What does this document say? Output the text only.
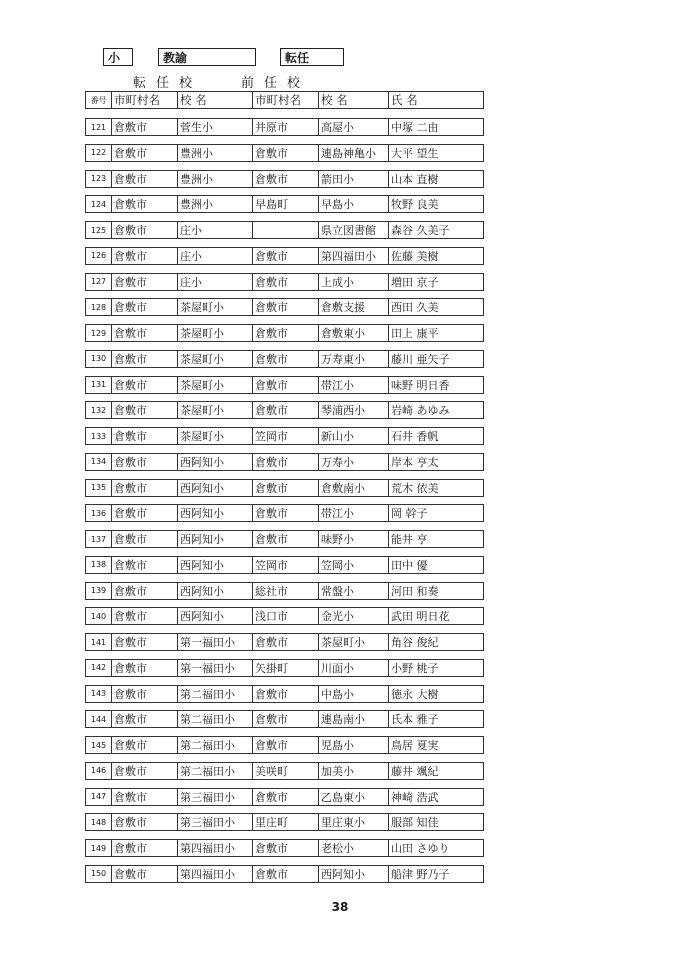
小	教諭	転任
転任校	前任校
番号	市町村名	校 名	市町村名	校 名	氏 名
121	倉敷市	菅生小	井原市	高屋小	中塚 二由
122	倉敷市	豊洲小	倉敷市	連島神亀小	大平 望生
123	倉敷市	豊洲小	倉敷市	箭田小	山本 直樹
124	倉敷市	豊洲小	早島町	早島小	牧野 良美
125	倉敷市	庄小		県立図書館	森谷 久美子
126	倉敷市	庄小	倉敷市	第四福田小	佐藤 美樹
127	倉敷市	庄小	倉敷市	上成小	増田 京子
128	倉敷市	茶屋町小	倉敷市	倉敷支援	西田 久美
129	倉敷市	茶屋町小	倉敷市	倉敷東小	田上 康平
130	倉敷市	茶屋町小	倉敷市	万寿東小	藤川 亜矢子
131	倉敷市	茶屋町小	倉敷市	帯江小	味野 明日香
132	倉敷市	茶屋町小	倉敷市	琴浦西小	岩崎 あゆみ
133	倉敷市	茶屋町小	笠岡市	新山小	石井 香帆
134	倉敷市	西阿知小	倉敷市	万寿小	岸本 亨太
135	倉敷市	西阿知小	倉敷市	倉敷南小	荒木 依美
136	倉敷市	西阿知小	倉敷市	帯江小	岡 幹子
137	倉敷市	西阿知小	倉敷市	味野小	能井 亨
138	倉敷市	西阿知小	笠岡市	笠岡小	田中 優
139	倉敷市	西阿知小	総社市	常盤小	河田 和奏
140	倉敷市	西阿知小	浅口市	金光小	武田 明日花
141	倉敷市	第一福田小	倉敷市	茶屋町小	角谷 俊紀
142	倉敷市	第一福田小	矢掛町	川面小	小野 桃子
143	倉敷市	第二福田小	倉敷市	中島小	徳永 大樹
144	倉敷市	第二福田小	倉敷市	連島南小	氏本 雅子
145	倉敷市	第二福田小	倉敷市	児島小	鳥居 夏実
146	倉敷市	第二福田小	美咲町	加美小	藤井 颯紀
147	倉敷市	第三福田小	倉敷市	乙島東小	神崎 浩武
148	倉敷市	第三福田小	里庄町	里庄東小	服部 知佳
149	倉敷市	第四福田小	倉敷市	老松小	山田 さゆり
150	倉敷市	第四福田小	倉敷市	西阿知小	船津 野乃子
38
